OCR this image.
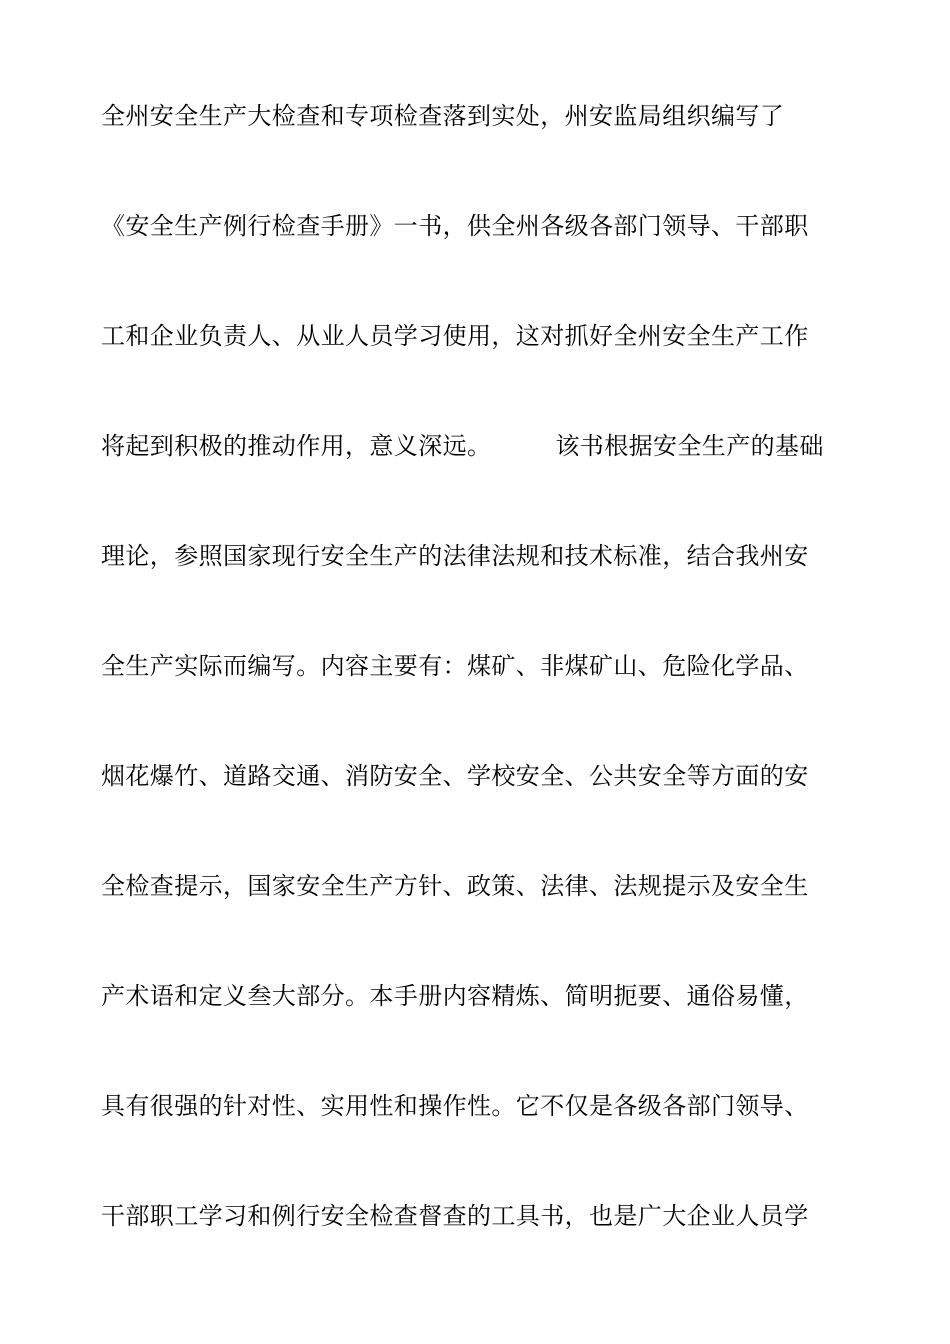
全州安全生产大检查和专项检查落到实处，州安监局组织编写了
《安全生产例行检查手册》一书，供全州各级各部门领导、干部职
工和企业负责人、从业人员学习使用，这对抓好全州安全生产工作
将起到积极的推动作用，意义深远。	该书根据安全生产的基础
理论，参照国家现行安全生产的法律法规和技术标准，结合我州安
全生产实际而编写。内容主要有：煤矿、非煤矿山、危险化学品、
烟花爆竹、道路交通、消防安全、学校安全、公共安全等方面的安
全检查提示，国家安全生产方针、政策、法律、法规提示及安全生
产术语和定义叁大部分。本手册内容精炼、简明扼要、通俗易懂，
具有很强的针对性、实用性和操作性。它不仅是各级各部门领导、
干部职工学习和例行安全检查督查的工具书，也是广大企业人员学
